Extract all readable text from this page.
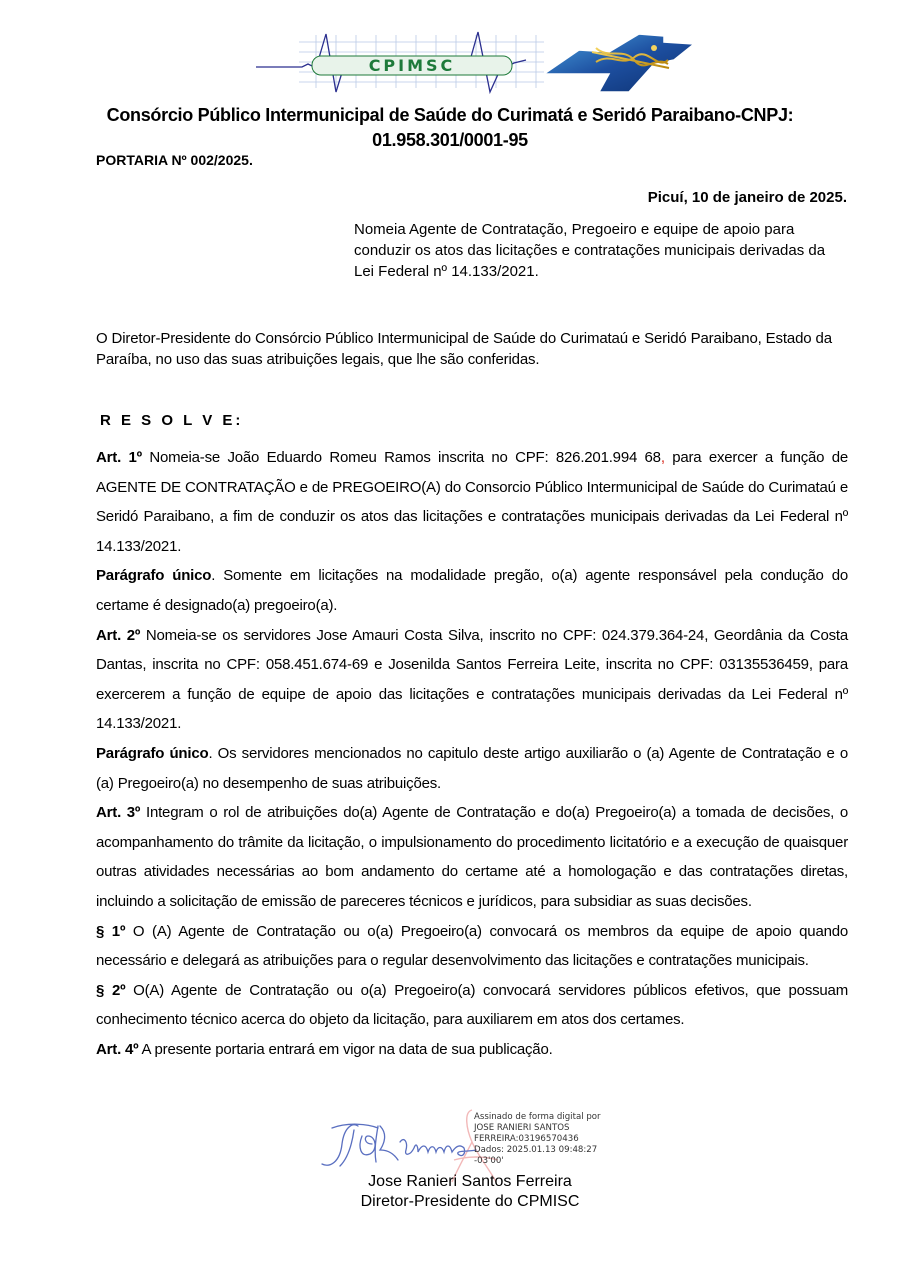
CPIMSC
Consórcio Público Intermunicipal de Saúde do Curimatá e Seridó Paraibano-CNPJ:
01.958.301/0001-95
PORTARIA Nº 002/2025.
Picuí, 10 de janeiro de 2025.
Nomeia Agente de Contratação, Pregoeiro e equipe de apoio para conduzir os atos das licitações e contratações municipais derivadas da Lei Federal nº 14.133/2021.
O Diretor-Presidente do Consórcio Público Intermunicipal de Saúde do Curimataú e Seridó Paraibano, Estado da Paraíba, no uso das suas atribuições legais, que lhe são conferidas.
R E S O L V E:

Art. 1º Nomeia-se João Eduardo Romeu Ramos inscrita no CPF: 826.201.994 68, para exercer a função de AGENTE DE CONTRATAÇÃO e de PREGOEIRO(A) do Consorcio Público Intermunicipal de Saúde do Curimataú e Seridó Paraibano, a fim de conduzir os atos das licitações e contratações municipais derivadas da Lei Federal nº 14.133/2021.

Parágrafo único. Somente em licitações na modalidade pregão, o(a) agente responsável pela condução do certame é designado(a) pregoeiro(a).

Art. 2º Nomeia-se os servidores Jose Amauri Costa Silva, inscrito no CPF: 024.379.364-24, Geordânia da Costa Dantas, inscrita no CPF: 058.451.674-69 e Josenilda Santos Ferreira Leite, inscrita no CPF: 03135536459, para exercerem a função de equipe de apoio das licitações e contratações municipais derivadas da Lei Federal nº 14.133/2021.

Parágrafo único. Os servidores mencionados no capitulo deste artigo auxiliarão o (a) Agente de Contratação e o (a) Pregoeiro(a) no desempenho de suas atribuições.

Art. 3º Integram o rol de atribuições do(a) Agente de Contratação e do(a) Pregoeiro(a) a tomada de decisões, o acompanhamento do trâmite da licitação, o impulsionamento do procedimento licitatório e a execução de quaisquer outras atividades necessárias ao bom andamento do certame até a homologação e das contratações diretas, incluindo a solicitação de emissão de pareceres técnicos e jurídicos, para subsidiar as suas decisões.

§ 1º O (A) Agente de Contratação ou o(a) Pregoeiro(a) convocará os membros da equipe de apoio quando necessário e delegará as atribuições para o regular desenvolvimento das licitações e contratações municipais.

§ 2º O(A) Agente de Contratação ou o(a) Pregoeiro(a) convocará servidores públicos efetivos, que possuam conhecimento técnico acerca do objeto da licitação, para auxiliarem em atos dos certames.

Art. 4º A presente portaria entrará em vigor na data de sua publicação.

Assinado de forma digital por
JOSE RANIERI SANTOS
FERREIRA:03196570436
Dados: 2025.01.13 09:48:27
-03'00'
Jose Ranieri Santos Ferreira
Diretor-Presidente do CPMISC
